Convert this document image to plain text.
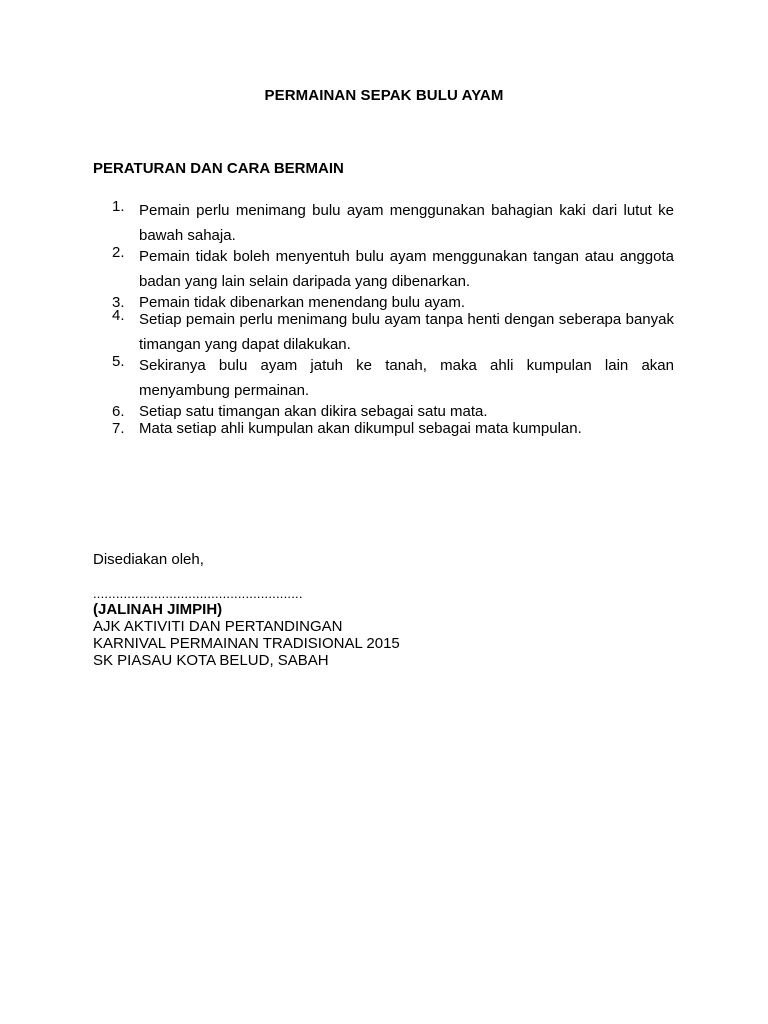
PERMAINAN SEPAK BULU AYAM
PERATURAN DAN CARA BERMAIN
1. Pemain perlu menimang bulu ayam menggunakan bahagian kaki dari lutut ke bawah sahaja.
2. Pemain tidak boleh menyentuh bulu ayam menggunakan tangan atau anggota badan yang lain selain daripada yang dibenarkan.
3. Pemain tidak dibenarkan menendang bulu ayam.
4. Setiap pemain perlu menimang bulu ayam tanpa henti dengan seberapa banyak timangan yang dapat dilakukan.
5. Sekiranya bulu ayam jatuh ke tanah, maka ahli kumpulan lain akan menyambung permainan.
6. Setiap satu timangan akan dikira sebagai satu mata.
7. Mata setiap ahli kumpulan akan dikumpul sebagai mata kumpulan.
Disediakan oleh,
.......................................................
(JALINAH JIMPIH)
AJK AKTIVITI DAN PERTANDINGAN
KARNIVAL PERMAINAN TRADISIONAL 2015
SK PIASAU KOTA BELUD, SABAH
